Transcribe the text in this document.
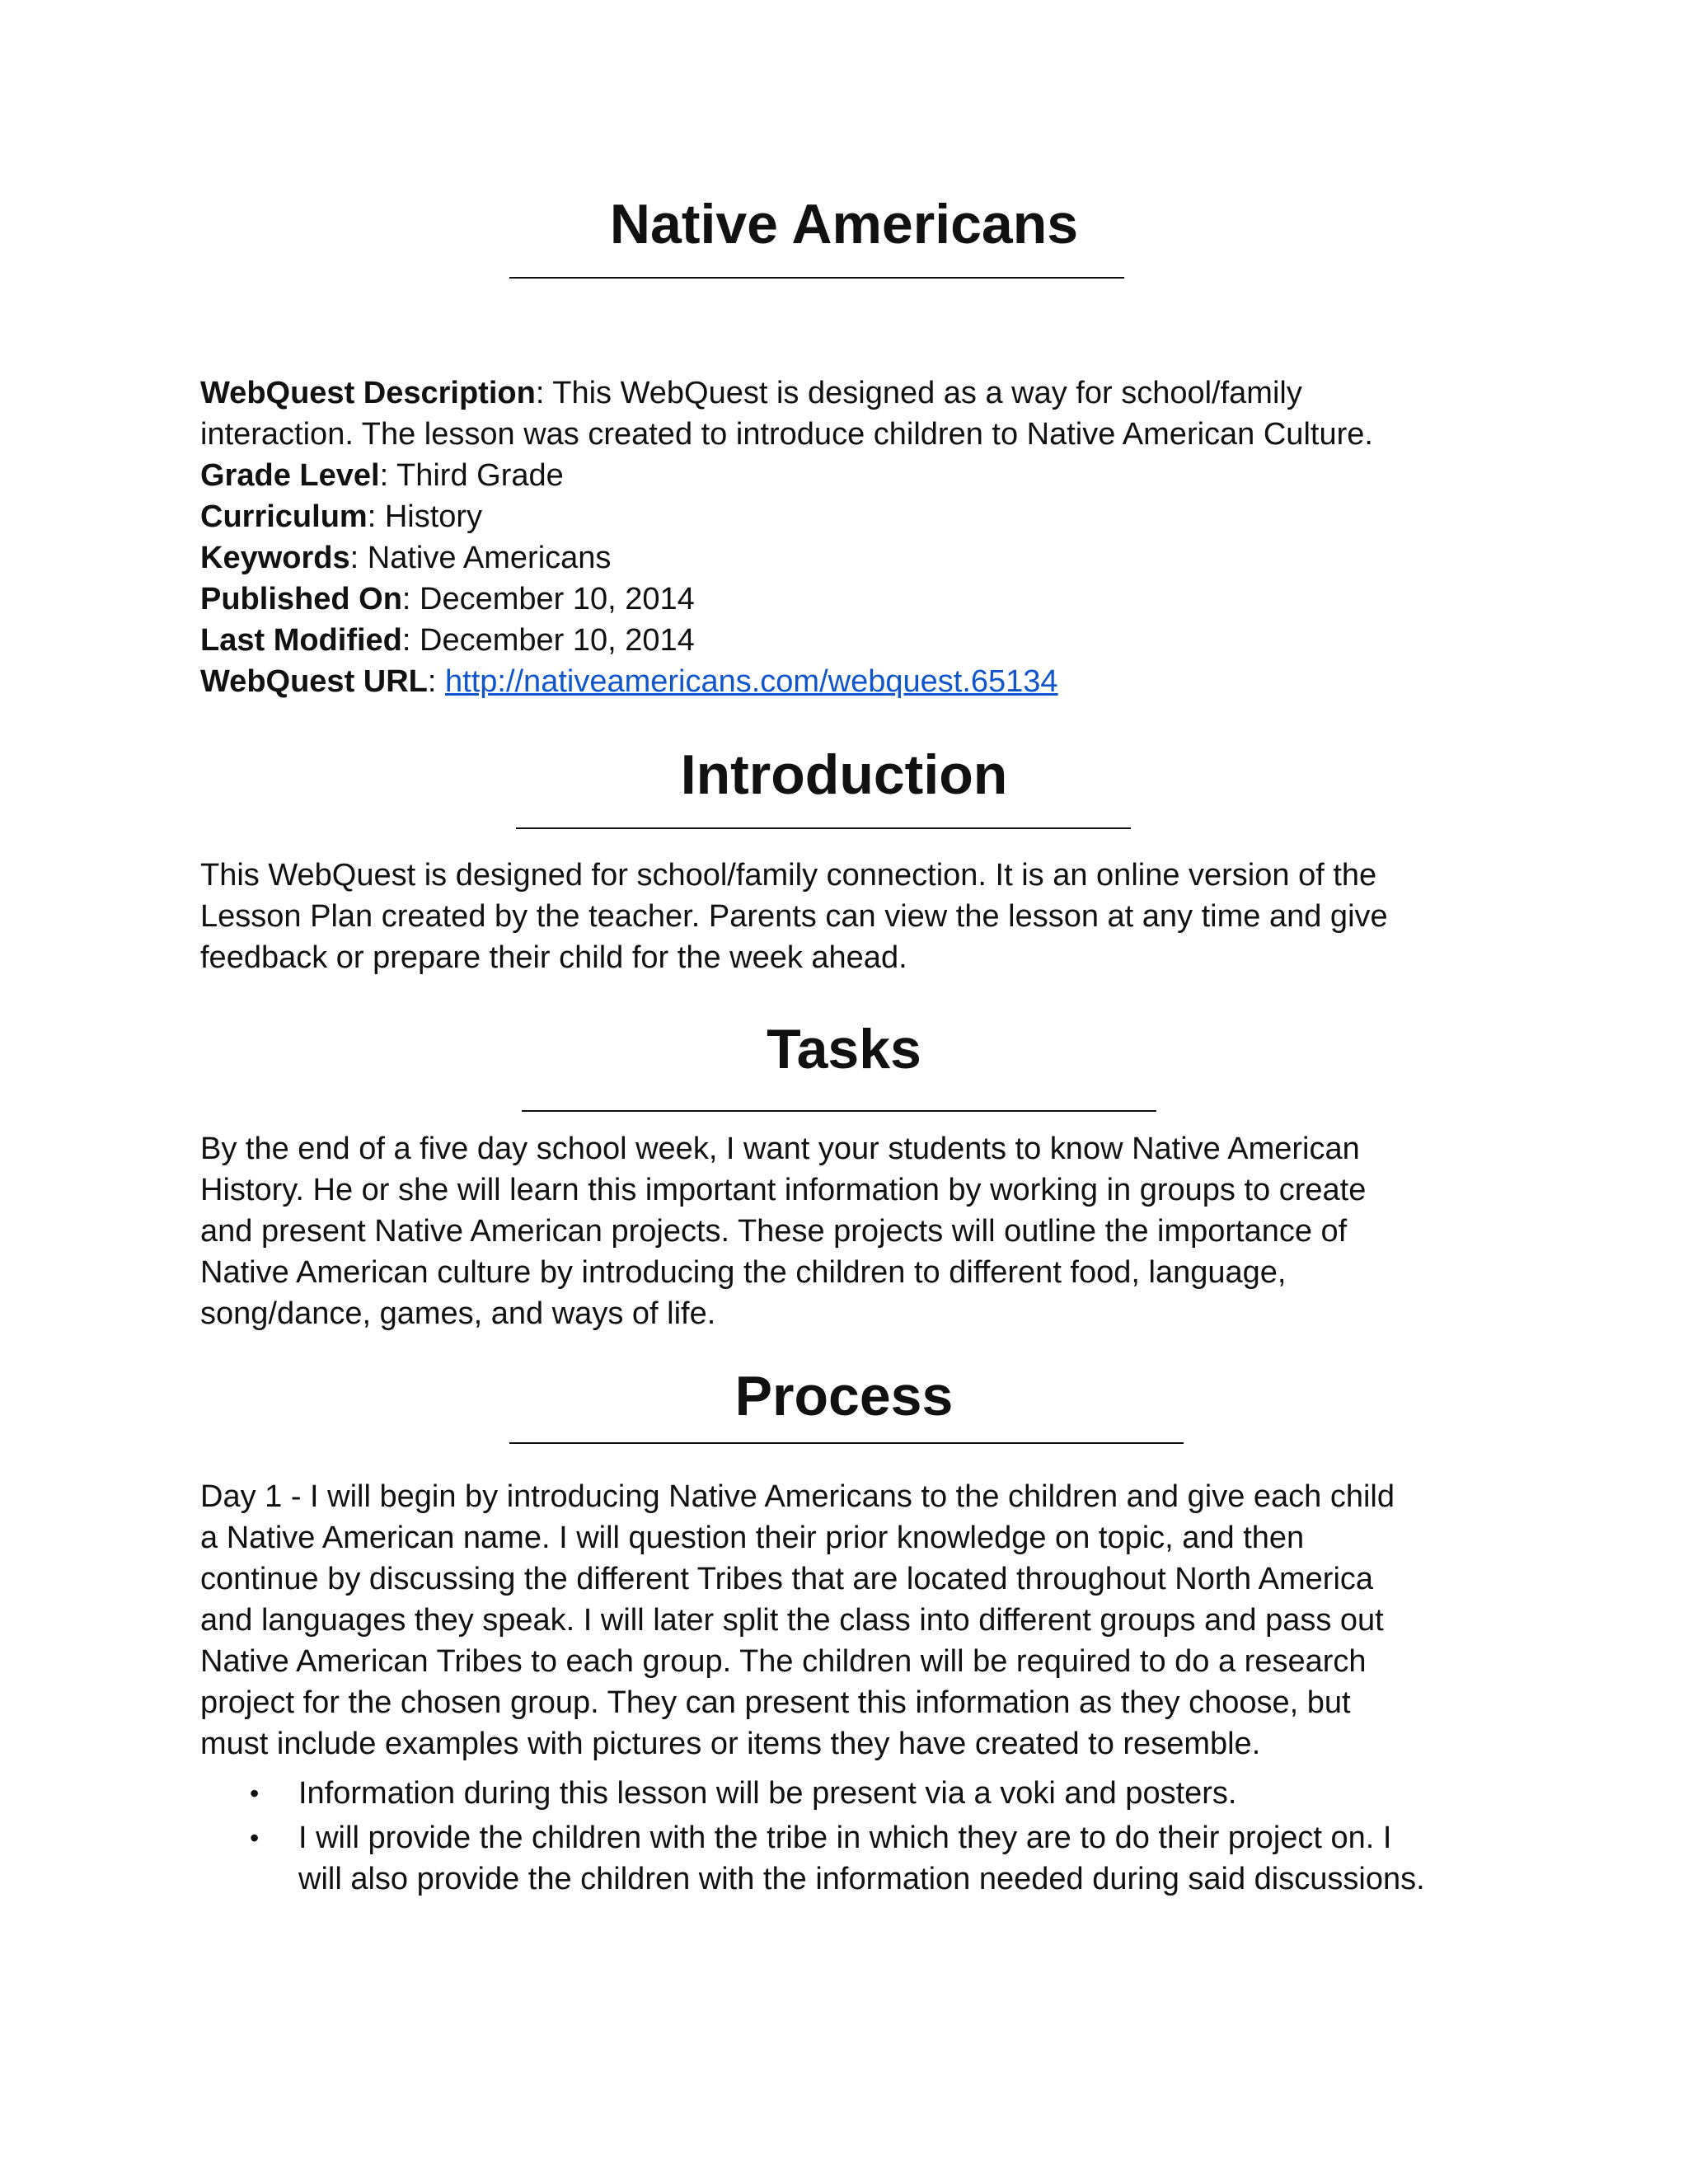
Native Americans
WebQuest Description: This WebQuest is designed as a way for school/family
interaction. The lesson was created to introduce children to Native American Culture.
Grade Level: Third Grade
Curriculum: History
Keywords: Native Americans
Published On: December 10, 2014
Last Modified: December 10, 2014
WebQuest URL: http://nativeamericans.com/webquest.65134
Introduction
This WebQuest is designed for school/family connection. It is an online version of the
Lesson Plan created by the teacher. Parents can view the lesson at any time and give
feedback or prepare their child for the week ahead.
Tasks
By the end of a five day school week, I want your students to know Native American
History. He or she will learn this important information by working in groups to create
and present Native American projects. These projects will outline the importance of
Native American culture by introducing the children to different food, language,
song/dance, games, and ways of life.
Process
Day 1 - I will begin by introducing Native Americans to the children and give each child
a Native American name. I will question their prior knowledge on topic, and then
continue by discussing the different Tribes that are located throughout North America
and languages they speak. I will later split the class into different groups and pass out
Native American Tribes to each group. The children will be required to do a research
project for the chosen group. They can present this information as they choose, but
must include examples with pictures or items they have created to resemble.
• Information during this lesson will be present via a voki and posters.
• I will provide the children with the tribe in which they are to do their project on. I
will also provide the children with the information needed during said discussions.
